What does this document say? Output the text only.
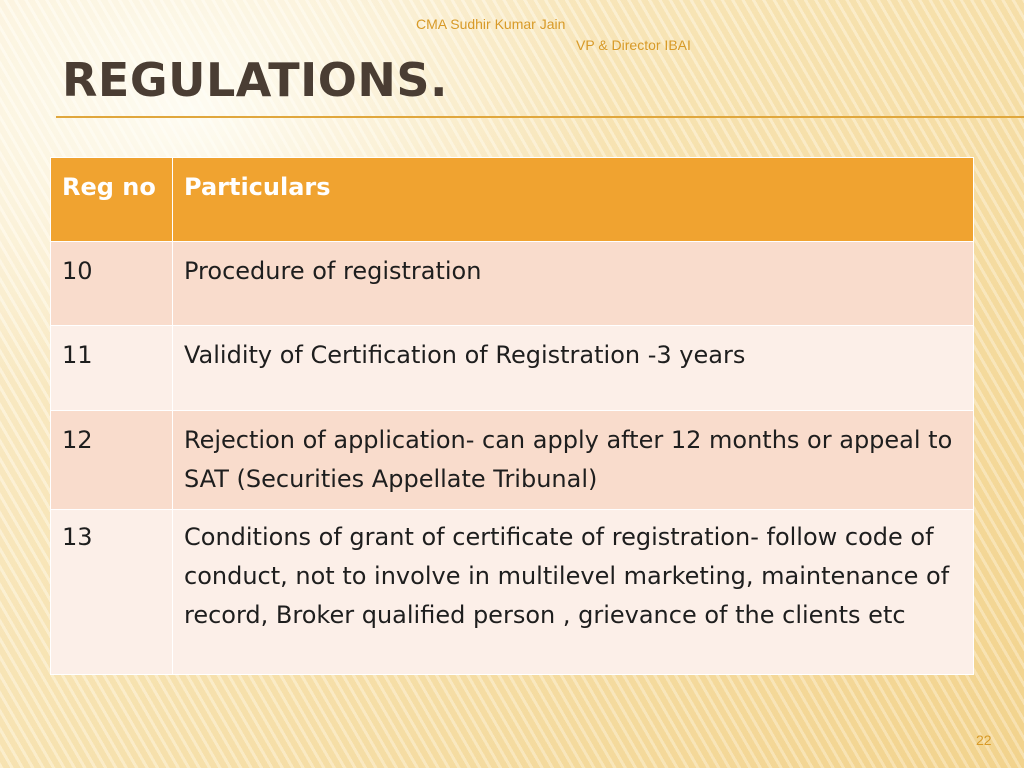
CMA Sudhir Kumar Jain
VP & Director IBAI
REGULATIONS.
Reg no	Particulars
10	Procedure of registration
11	Validity of Certification of Registration -3 years
12	Rejection of application- can apply after 12 months or appeal to SAT (Securities Appellate Tribunal)
13	Conditions of grant of certificate of registration- follow code of conduct, not to involve in multilevel marketing, maintenance of record, Broker qualified person , grievance of the clients etc
22
